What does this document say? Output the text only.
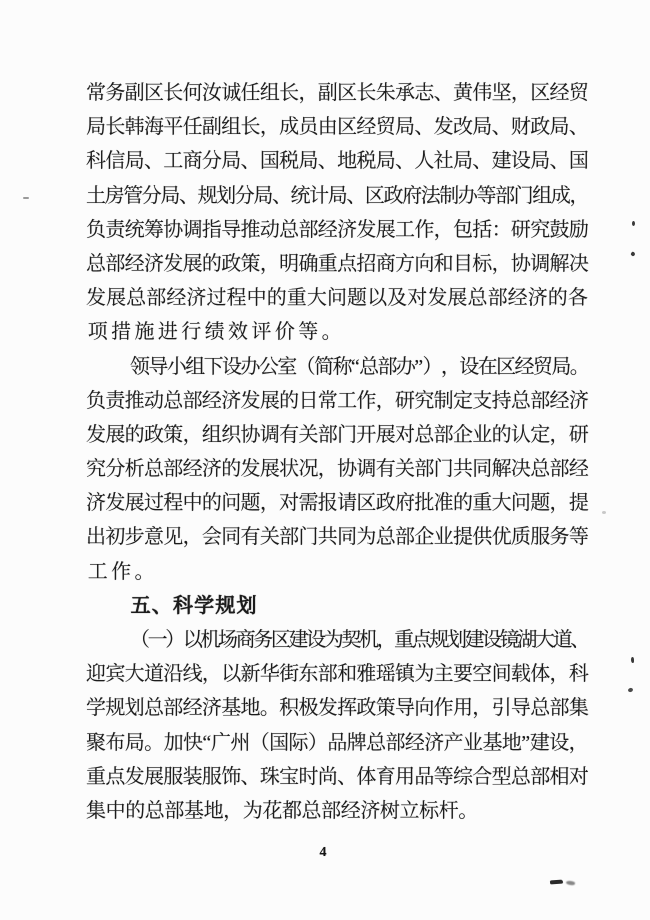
常 务 副 区 长 何 汝 诚 任 组 长 ， 副 区 长 朱 承 志 、 黄 伟 坚 ， 区 经 贸
局 长 韩 海 平 任 副 组 长 ， 成 员 由 区 经 贸 局 、 发 改 局 、 财 政 局 、
科 信 局 、 工 商 分 局 、 国 税 局 、 地 税 局 、 人 社 局 、 建 设 局 、 国
土
房
管
分
局
、
规
划
分
局
、
统
计
局
、
区
政
府
法
制
办
等
部
门
组
成
，
负 责 统 筹 协 调 指 导 推 动 总 部 经 济 发 展 工 作 ， 包 括 ： 研 究 鼓 励
总 部 经 济 发 展 的 政 策 ， 明 确 重 点 招 商 方 向 和 目 标 ， 协 调 解 决
发 展 总 部 经 济 过 程 中 的 重 大 问 题 以 及 对 发 展 总 部 经 济 的 各
项 措 施 进 行 绩 效 评 价 等 。
领
导
小
组
下
设
办
公
室
（
简
称
“ 总
部
办
” ）
，
设
在
区
经
贸
局
。
负 责 推 动 总 部 经 济 发 展 的 日 常 工 作 ， 研 究 制 定 支 持 总 部 经 济
发 展 的 政 策 ， 组 织 协 调 有 关 部 门 开 展 对 总 部 企 业 的 认 定 ， 研
究 分 析 总 部 经 济 的 发 展 状 况 ， 协 调 有 关 部 门 共 同 解 决 总 部 经
济 发 展 过 程 中 的 问 题 ， 对 需 报 请 区 政 府 批 准 的 重 大 问 题 ， 提
出 初 步 意 见 ， 会 同 有 关 部 门 共 同 为 总 部 企 业 提 供 优 质 服 务 等
工 作 。
五 、 科 学 规 划
（
一
）
以
机
场
商
务
区
建
设
为
契
机
，
重
点
规
划
建
设
镜
湖
大
道
、
迎 宾 大 道 沿 线 ， 以 新 华 街 东 部 和 雅 瑶 镇 为 主 要 空 间 载 体 ， 科
学 规 划 总 部 经 济 基 地 。 积 极 发 挥 政 策 导 向 作 用 ， 引 导 总 部 集
聚 布 局 。 加 快 “ 广 州 （ 国 际 ） 品 牌 总 部 经 济 产 业 基 地 ” 建 设 ，
重 点 发 展 服 装 服 饰 、 珠 宝 时 尚 、 体 育 用 品 等 综 合 型 总 部 相 对
集 中 的 总 部 基 地 ， 为 花 都 总 部 经 济 树 立 标 杆 。
4
